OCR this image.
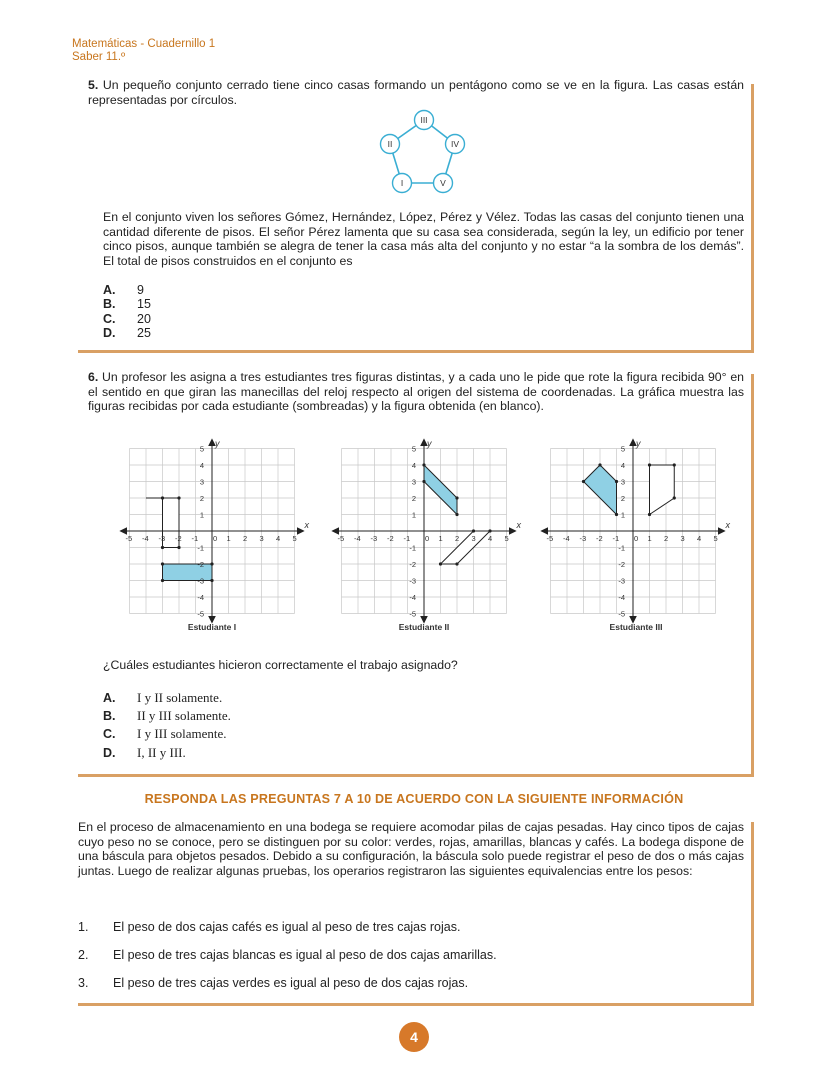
Matemáticas - Cuadernillo 1
Saber 11.º
5. Un pequeño conjunto cerrado tiene cinco casas formando un pentágono como se ve en la figura. Las casas están representadas por círculos.
III
II	IV
I	V
En el conjunto viven los señores Gómez, Hernández, López, Pérez y Vélez. Todas las casas del conjunto tienen una cantidad diferente de pisos. El señor Pérez lamenta que su casa sea considerada, según la ley, un edificio por tener cinco pisos, aunque también se alegra de tener la casa más alta del conjunto y no estar “a la sombra de los demás”. El total de pisos construidos en el conjunto es
A.	9
B.	15
C.	20
D.	25
6. Un profesor les asigna a tres estudiantes tres figuras distintas, y a cada uno le pide que rote la figura recibida 90° en el sentido en que giran las manecillas del reloj respecto al origen del sistema de coordenadas. La gráfica muestra las figuras recibidas por cada estudiante (sombreadas) y la figura obtenida (en blanco).
-5
-5
-4
-4
-3
-3
-2
-2
-1
-1
1
1
2
2
3
3
4
4
5
5
0
x
y
Estudiante I
-5
-5
-4
-4
-3
-3
-2
-2
-1
-1
1
1
2
2
3
3
4
4
5
5
0
x
y
Estudiante II
-5
-5
-4
-4
-3
-3
-2
-2
-1
-1
1
1
2
2
3
3
4
4
5
5
0
x
y
Estudiante III
¿Cuáles estudiantes hicieron correctamente el trabajo asignado?
A.	I y II solamente.
B.	II y III solamente.
C.	I y III solamente.
D.	I, II y III.
RESPONDA LAS PREGUNTAS 7 A 10 DE ACUERDO CON LA SIGUIENTE INFORMACIÓN
En el proceso de almacenamiento en una bodega se requiere acomodar pilas de cajas pesadas. Hay cinco tipos de cajas cuyo peso no se conoce, pero se distinguen por su color: verdes, rojas, amarillas, blancas y cafés. La bodega dispone de una báscula para objetos pesados. Debido a su configuración, la báscula solo puede registrar el peso de dos o más cajas juntas. Luego de realizar algunas pruebas, los operarios registraron las siguientes equivalencias entre los pesos:
1.	El peso de dos cajas cafés es igual al peso de tres cajas rojas.
2.	El peso de tres cajas blancas es igual al peso de dos cajas amarillas.
3.	El peso de tres cajas verdes es igual al peso de dos cajas rojas.
4
